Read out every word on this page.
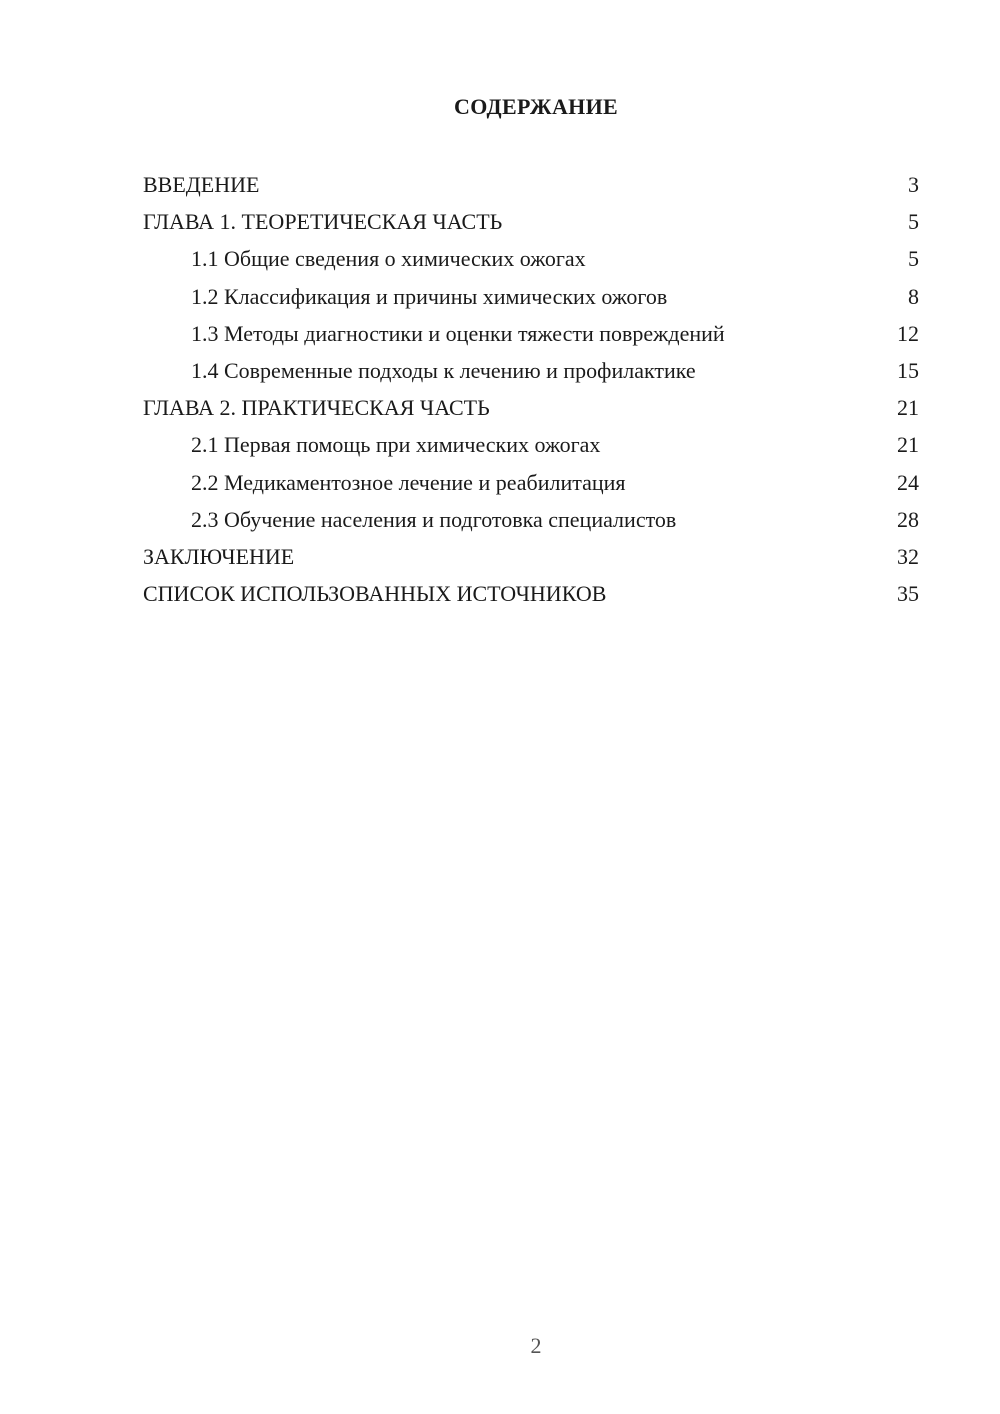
СОДЕРЖАНИЕ
ВВЕДЕНИЕ	3
ГЛАВА 1. ТЕОРЕТИЧЕСКАЯ ЧАСТЬ	5
1.1 Общие сведения о химических ожогах	5
1.2 Классификация и причины химических ожогов	8
1.3 Методы диагностики и оценки тяжести повреждений	12
1.4 Современные подходы к лечению и профилактике	15
ГЛАВА 2. ПРАКТИЧЕСКАЯ ЧАСТЬ	21
2.1 Первая помощь при химических ожогах	21
2.2 Медикаментозное лечение и реабилитация	24
2.3 Обучение населения и подготовка специалистов	28
ЗАКЛЮЧЕНИЕ	32
СПИСОК ИСПОЛЬЗОВАННЫХ ИСТОЧНИКОВ	35
2
